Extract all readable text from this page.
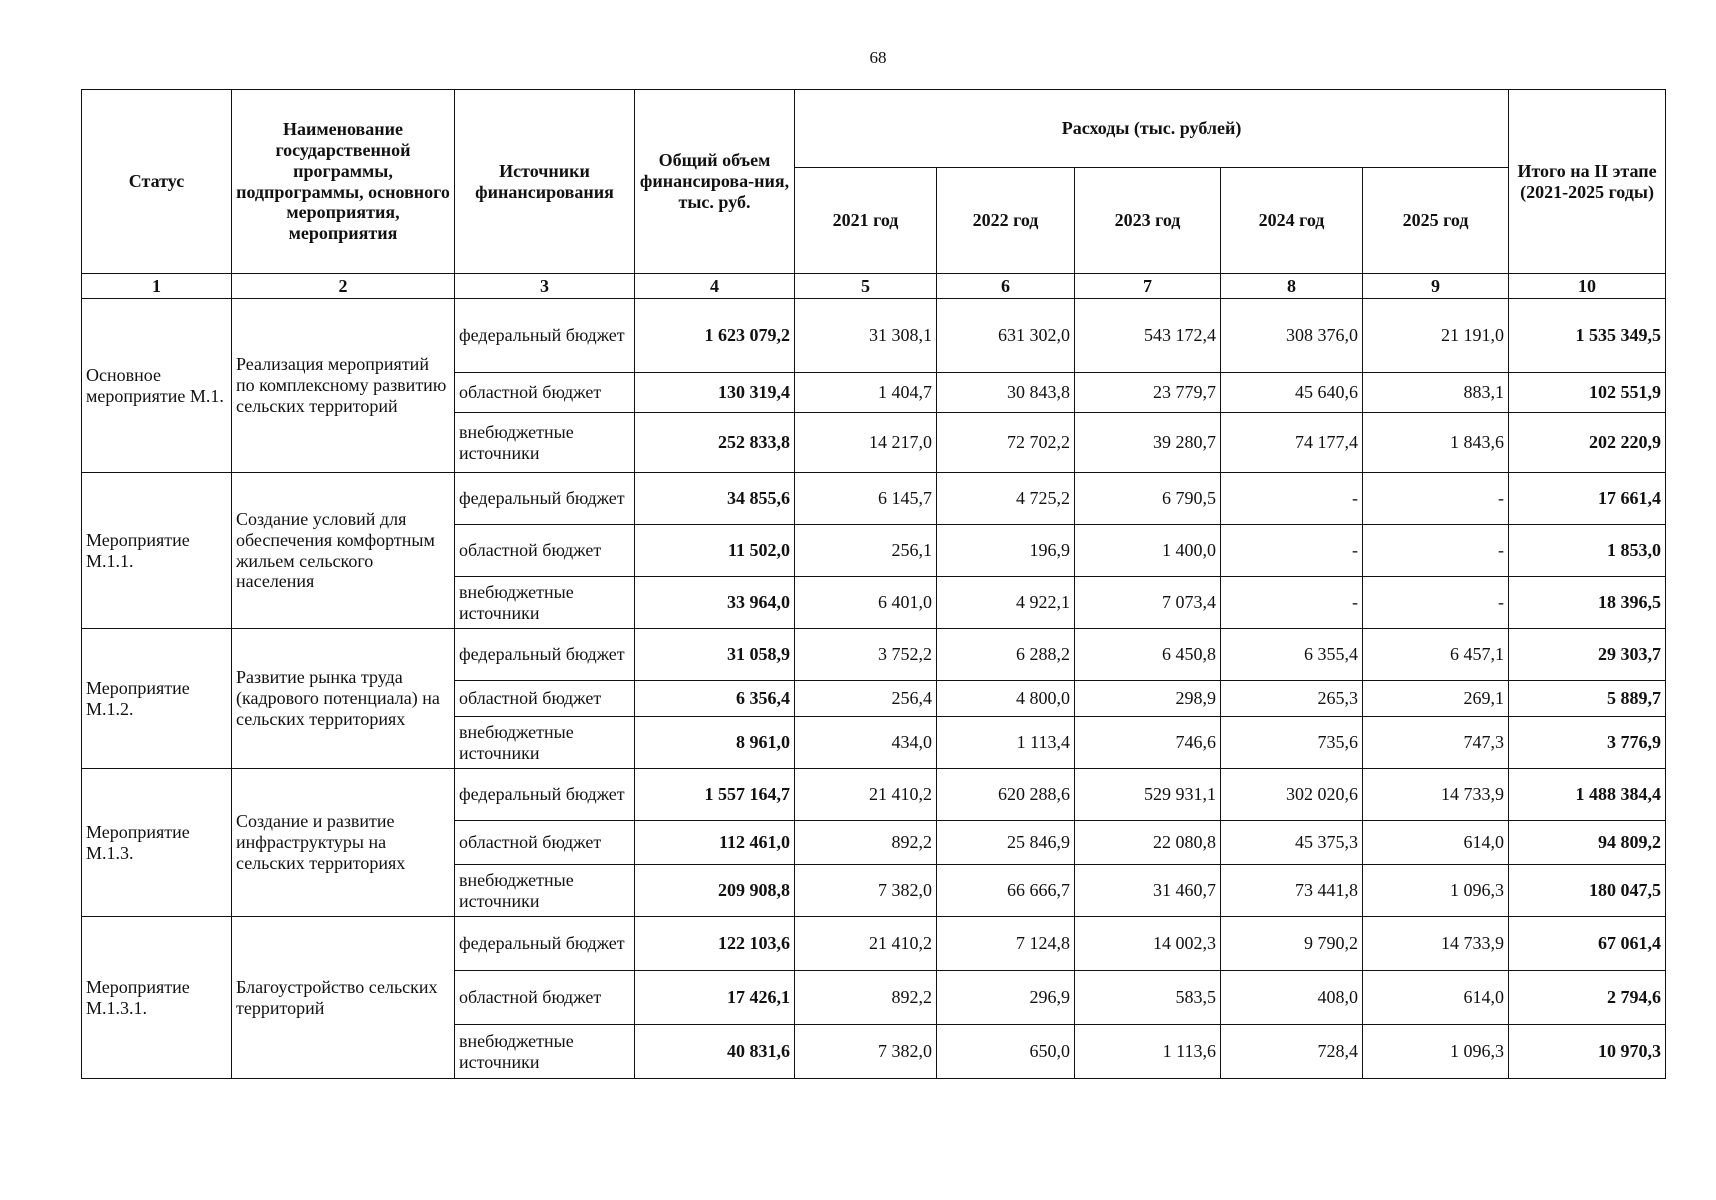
68
Статус	Наименование государственной программы, подпрограммы, основного мероприятия, мероприятия	Источники финансирования	Общий объем финансирова-ния, тыс. руб.	Расходы (тыс. рублей)					Итого на II этапе (2021-2025 годы)
				2021 год	2022 год	2023 год	2024 год	2025 год	
1	2	3	4	5	6	7	8	9	10
Основное мероприятие М.1.	Реализация мероприятий по комплексному развитию сельских территорий	федеральный бюджет	1 623 079,2	31 308,1	631 302,0	543 172,4	308 376,0	21 191,0	1 535 349,5
		областной бюджет	130 319,4	1 404,7	30 843,8	23 779,7	45 640,6	883,1	102 551,9
		внебюджетные источники	252 833,8	14 217,0	72 702,2	39 280,7	74 177,4	1 843,6	202 220,9
Мероприятие М.1.1.	Создание условий для обеспечения комфортным жильем сельского населения	федеральный бюджет	34 855,6	6 145,7	4 725,2	6 790,5	-	-	17 661,4
		областной бюджет	11 502,0	256,1	196,9	1 400,0	-	-	1 853,0
		внебюджетные источники	33 964,0	6 401,0	4 922,1	7 073,4	-	-	18 396,5
Мероприятие М.1.2.	Развитие рынка труда (кадрового потенциала) на сельских территориях	федеральный бюджет	31 058,9	3 752,2	6 288,2	6 450,8	6 355,4	6 457,1	29 303,7
		областной бюджет	6 356,4	256,4	4 800,0	298,9	265,3	269,1	5 889,7
		внебюджетные источники	8 961,0	434,0	1 113,4	746,6	735,6	747,3	3 776,9
Мероприятие М.1.3.	Создание и развитие инфраструктуры на сельских территориях	федеральный бюджет	1 557 164,7	21 410,2	620 288,6	529 931,1	302 020,6	14 733,9	1 488 384,4
		областной бюджет	112 461,0	892,2	25 846,9	22 080,8	45 375,3	614,0	94 809,2
		внебюджетные источники	209 908,8	7 382,0	66 666,7	31 460,7	73 441,8	1 096,3	180 047,5
Мероприятие М.1.3.1.	Благоустройство сельских территорий	федеральный бюджет	122 103,6	21 410,2	7 124,8	14 002,3	9 790,2	14 733,9	67 061,4
		областной бюджет	17 426,1	892,2	296,9	583,5	408,0	614,0	2 794,6
		внебюджетные источники	40 831,6	7 382,0	650,0	1 113,6	728,4	1 096,3	10 970,3
